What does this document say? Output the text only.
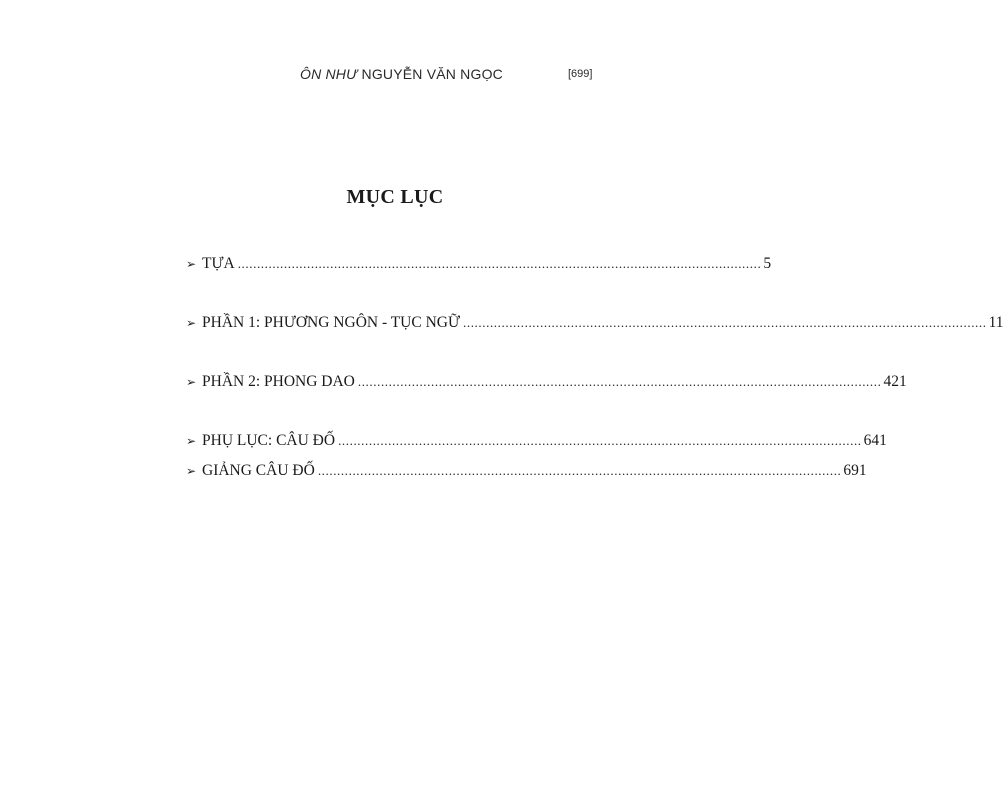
ÔN NHƯ NGUYỄN VĂN NGỌC	[699]
MỤC LỤC
➢ TỰA ........................................................................................................................................ 5
➢ PHẦN 1: PHƯƠNG NGÔN - TỤC NGỮ ........................................................................................................................................ 11
➢ PHẦN 2: PHONG DAO ........................................................................................................................................ 421
➢ PHỤ LỤC: CÂU ĐỐ ........................................................................................................................................ 641
➢ GIẢNG CÂU ĐỐ ........................................................................................................................................ 691
